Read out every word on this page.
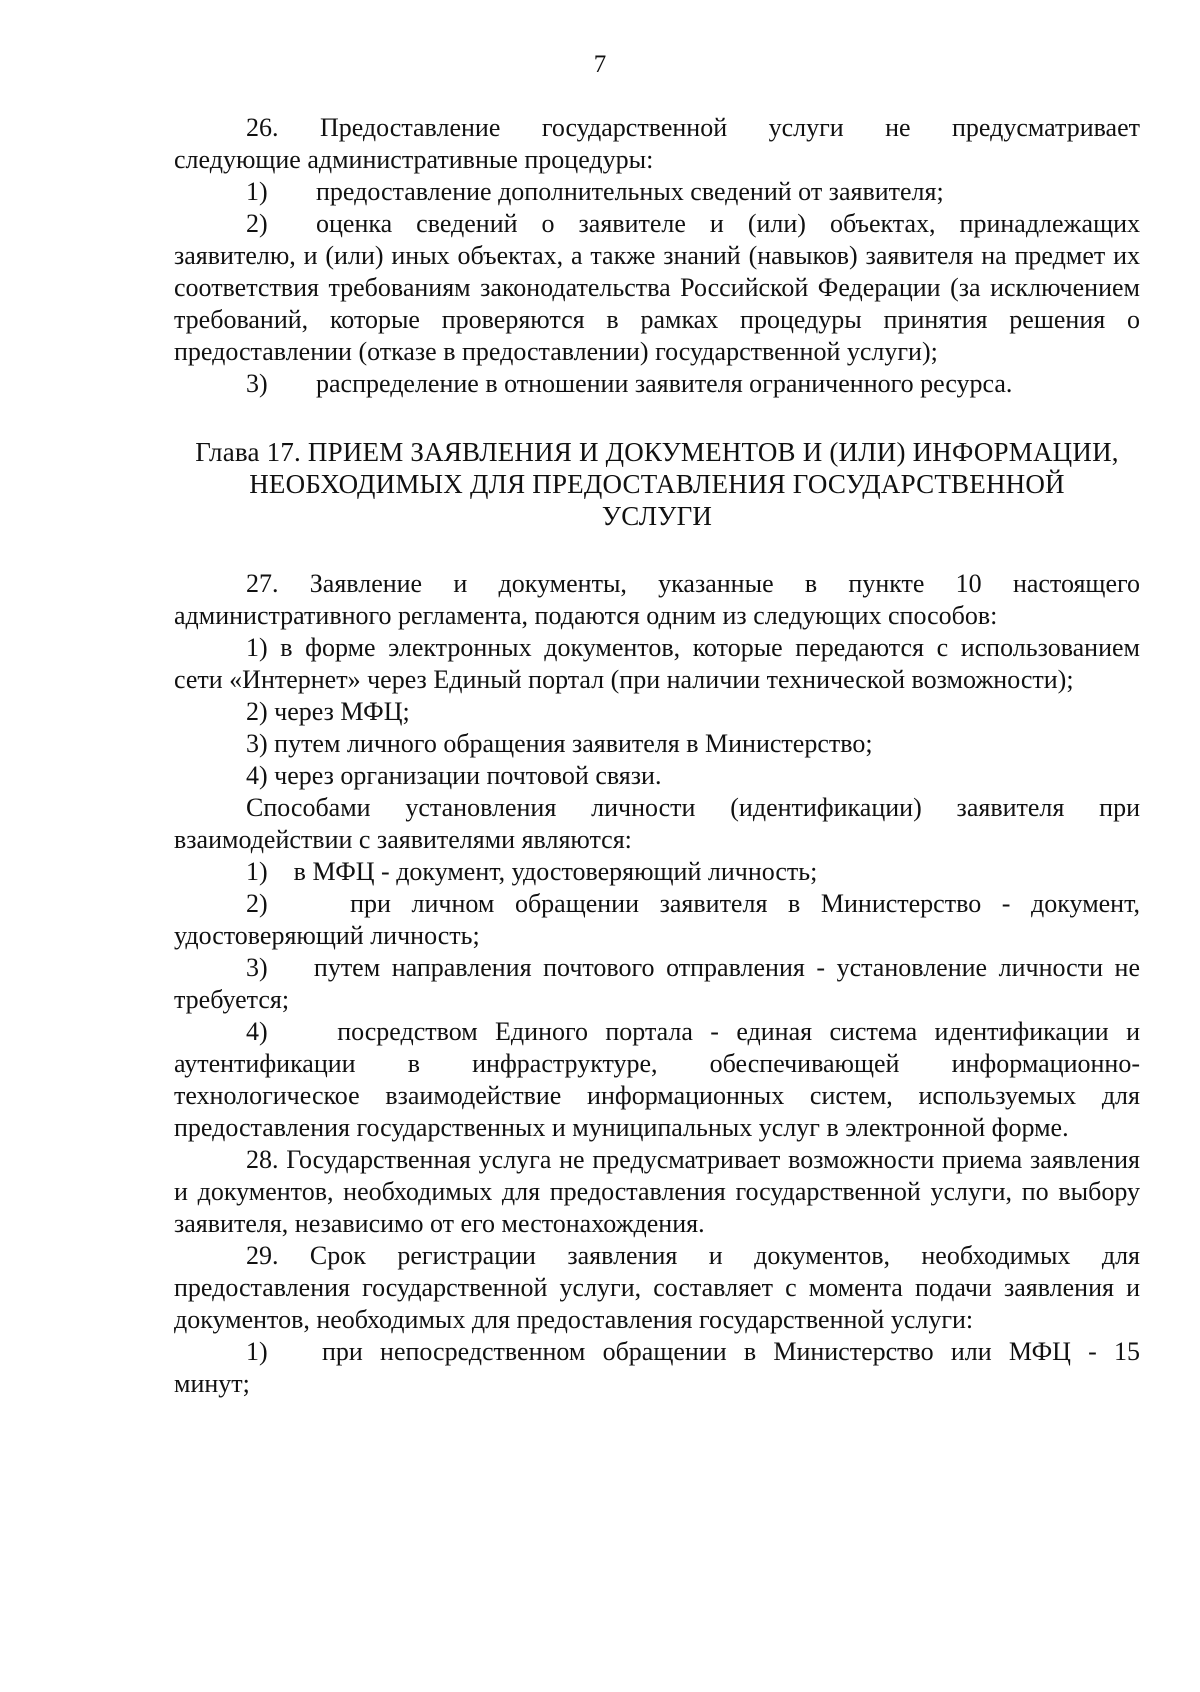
7

26. Предоставление государственной услуги не предусматривает

следующие административные процедуры:

1)	предоставление дополнительных сведений от заявителя;
2)	оценка сведений о заявителе и (или) объектах, принадлежащих

заявителю, и (или) иных объектах, а также знаний (навыков) заявителя на предмет их соответствия требованиям законодательства Российской Федерации (за исключением требований, которые проверяются в рамках процедуры принятия решения о предоставлении (отказе в предоставлении) государственной услуги);

3)	распределение в отношении заявителя ограниченного ресурса.
Глава 17. ПРИЕМ ЗАЯВЛЕНИЯ И ДОКУМЕНТОВ И (ИЛИ) ИНФОРМАЦИИ,
НЕОБХОДИМЫХ ДЛЯ ПРЕДОСТАВЛЕНИЯ ГОСУДАРСТВЕННОЙ
УСЛУГИ

27. Заявление и документы, указанные в пункте 10 настоящего административного регламента, подаются одним из следующих способов:

1) в форме электронных документов, которые передаются с использованием сети «Интернет» через Единый портал (при наличии технической возможности);

2) через МФЦ;

3) путем личного обращения заявителя в Министерство;

4) через организации почтовой связи.

Способами установления личности (идентификации) заявителя при взаимодействии с заявителями являются:

1) в МФЦ - документ, удостоверяющий личность;

2)	при личном обращении заявителя в Министерство - документ, удостоверяющий личность;

3) путем направления почтового отправления - установление личности не требуется;

4)	посредством Единого портала - единая система идентификации и аутентификации в инфраструктуре, обеспечивающей информационно-технологическое взаимодействие информационных систем, используемых для предоставления государственных и муниципальных услуг в электронной форме.

28. Государственная услуга не предусматривает возможности приема заявления и документов, необходимых для предоставления государственной услуги, по выбору заявителя, независимо от его местонахождения.

29. Срок регистрации заявления и документов, необходимых для предоставления государственной услуги, составляет с момента подачи заявления и документов, необходимых для предоставления государственной услуги:

1)	при непосредственном обращении в Министерство или МФЦ - 15

минут;
